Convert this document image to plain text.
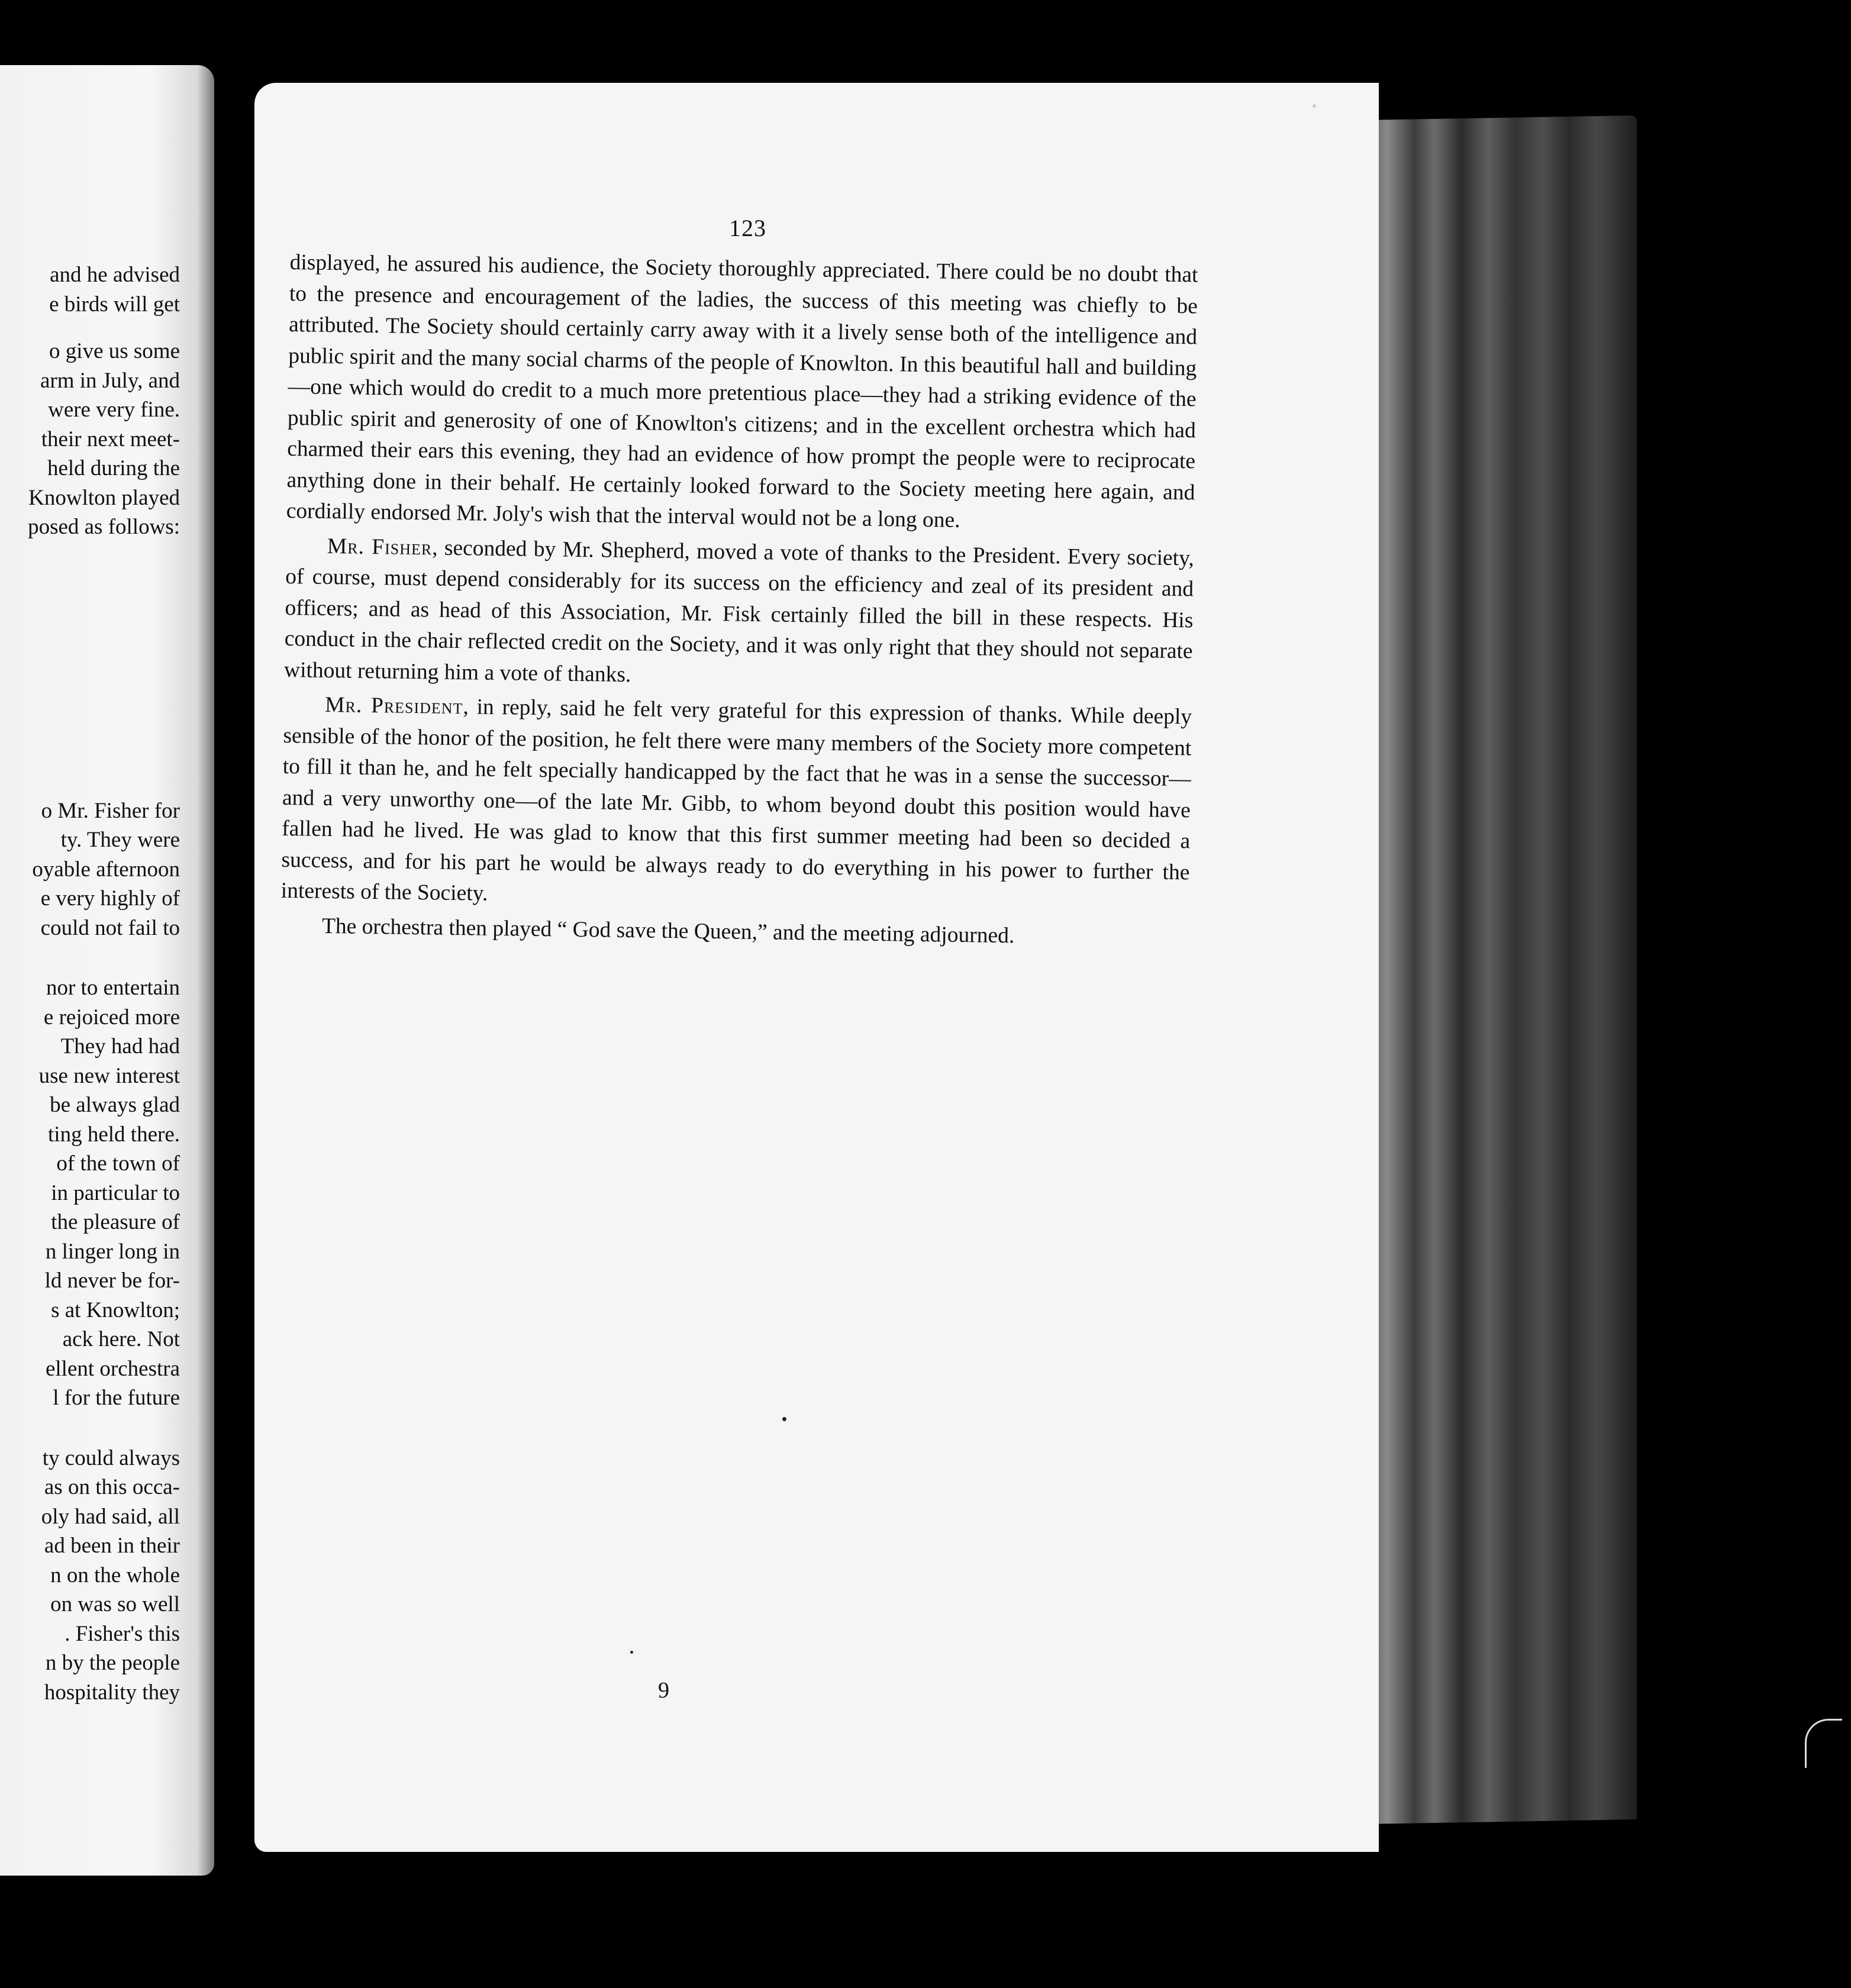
and he advised
e birds will get
o give us some
arm in July, and
were very fine.
their next meet-
held during the
Knowlton played
posed as follows:
o Mr. Fisher for
ty. They were
oyable afternoon
e very highly of
could not fail to
nor to entertain
e rejoiced more
They had had
use new interest
be always glad
ting held there.
of the town of
in particular to
the pleasure of
n linger long in
ld never be for-
s at Knowlton;
ack here. Not
ellent orchestra
l for the future
ty could always
as on this occa-
oly had said, all
ad been in their
n on the whole
on was so well
. Fisher's this
n by the people
hospitality they
123

displayed, he assured his audience, the Society thoroughly appreciated. There could be no doubt that to the presence and encouragement of the ladies, the success of this meeting was chiefly to be attributed. The Society should certainly carry away with it a lively sense both of the intelligence and public spirit and the many social charms of the people of Knowlton. In this beautiful hall and building—one which would do credit to a much more pretentious place—they had a striking evidence of the public spirit and generosity of one of Knowlton's citizens; and in the excellent orchestra which had charmed their ears this evening, they had an evidence of how prompt the people were to reciprocate anything done in their behalf. He certainly looked forward to the Society meeting here again, and cordially endorsed Mr. Joly's wish that the interval would not be a long one.

Mr. Fisher, seconded by Mr. Shepherd, moved a vote of thanks to the President. Every society, of course, must depend considerably for its success on the efficiency and zeal of its president and officers; and as head of this Association, Mr. Fisk certainly filled the bill in these respects. His conduct in the chair reflected credit on the Society, and it was only right that they should not separate without returning him a vote of thanks.

Mr. President, in reply, said he felt very grateful for this expression of thanks. While deeply sensible of the honor of the position, he felt there were many members of the Society more competent to fill it than he, and he felt specially handicapped by the fact that he was in a sense the successor—and a very unworthy one—of the late Mr. Gibb, to whom beyond doubt this position would have fallen had he lived. He was glad to know that this first summer meeting had been so decided a success, and for his part he would be always ready to do everything in his power to further the interests of the Society.

The orchestra then played “ God save the Queen,” and the meeting adjourned.

9
